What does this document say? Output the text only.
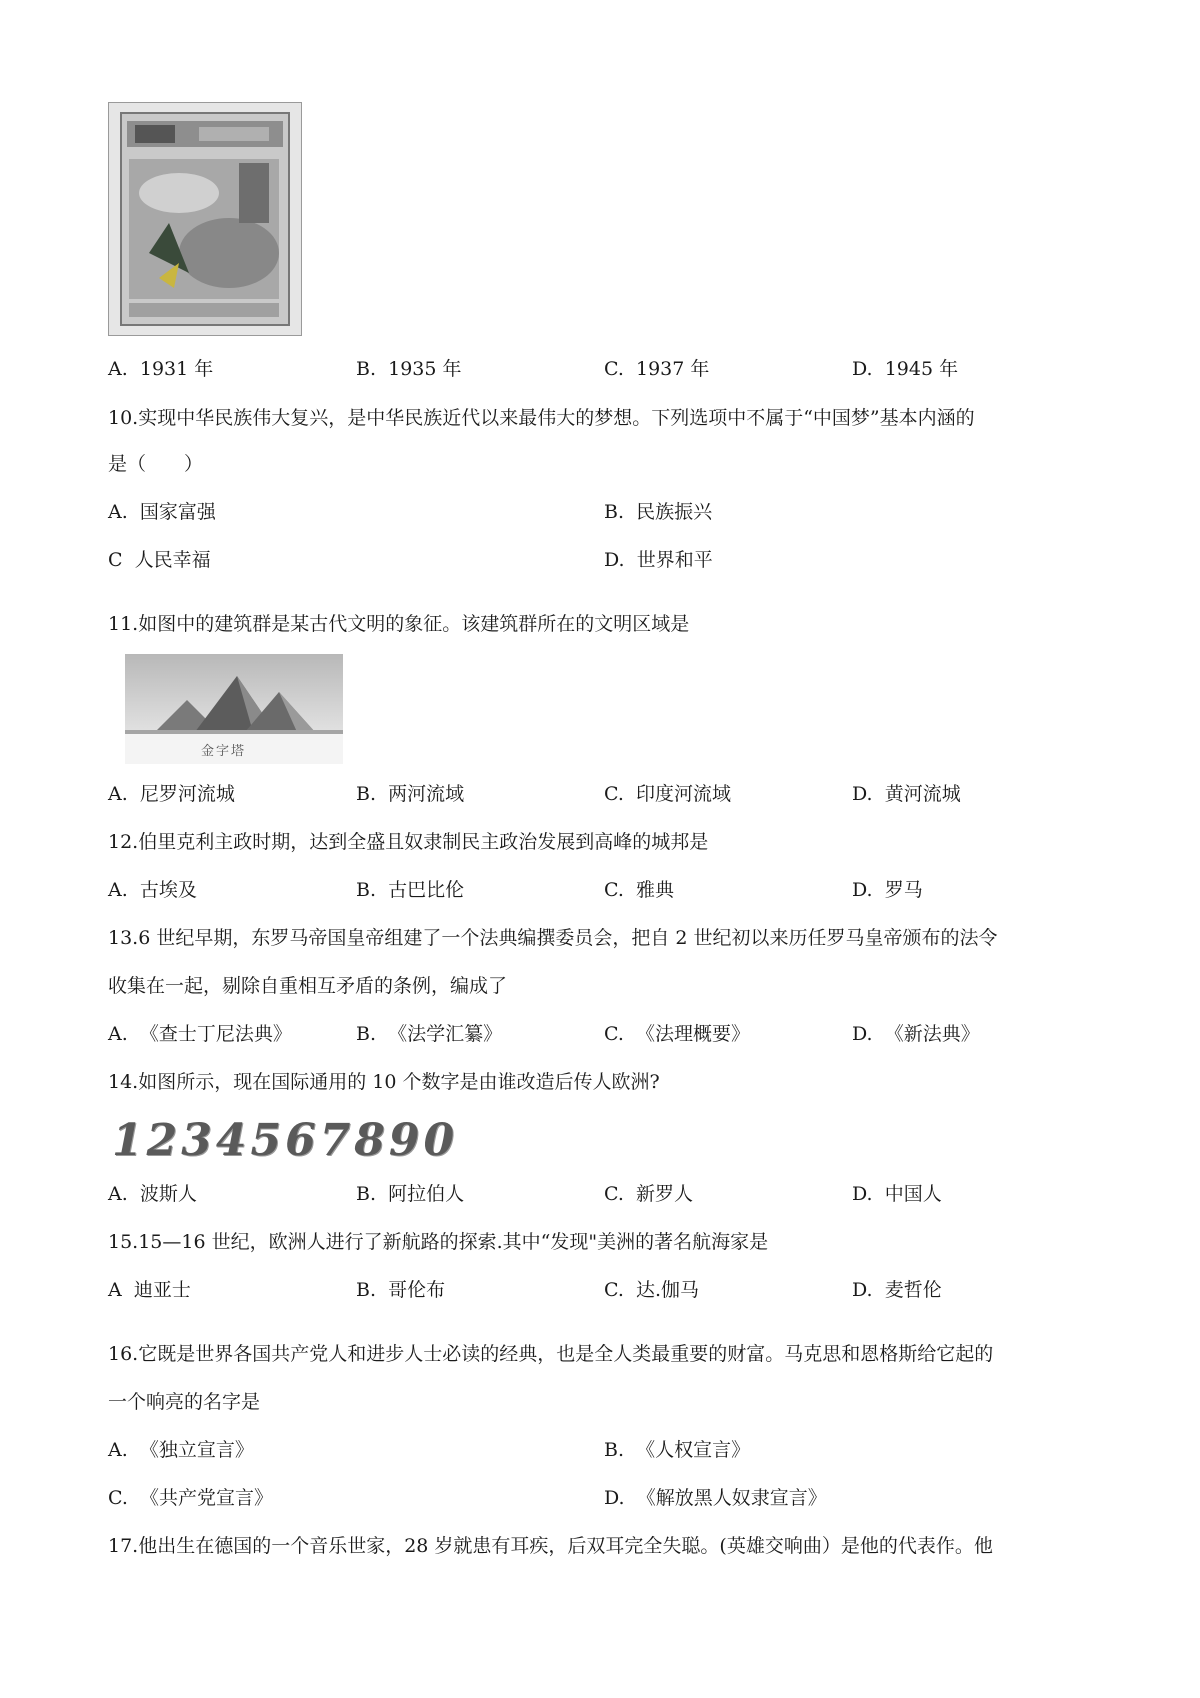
A. 1931 年	B. 1935 年	C. 1937 年	D. 1945 年
10.实现中华民族伟大复兴，是中华民族近代以来最伟大的梦想。下列选项中不属于“中国梦”基本内涵的
是（　　）
A. 国家富强	B. 民族振兴
C 人民幸福	D. 世界和平
11.如图中的建筑群是某古代文明的象征。该建筑群所在的文明区域是
金字塔
A. 尼罗河流城	B. 两河流域	C. 印度河流域	D. 黄河流城
12.伯里克利主政时期，达到全盛且奴隶制民主政治发展到高峰的城邦是
A. 古埃及	B. 古巴比伦	C. 雅典	D. 罗马
13.6 世纪早期，东罗马帝国皇帝组建了一个法典编撰委员会，把自 2 世纪初以来历任罗马皇帝颁布的法令
收集在一起，剔除自重相互矛盾的条例，编成了
A. 《查士丁尼法典》	B. 《法学汇纂》	C. 《法理概要》	D. 《新法典》
14.如图所示，现在国际通用的 10 个数字是由谁改造后传人欧洲?
1234567890
A. 波斯人	B. 阿拉伯人	C. 新罗人	D. 中国人
15.15—16 世纪，欧洲人进行了新航路的探索.其中“发现"美洲的著名航海家是
A 迪亚士	B. 哥伦布	C. 达.伽马	D. 麦哲伦
16.它既是世界各国共产党人和进步人士必读的经典，也是全人类最重要的财富。马克思和恩格斯给它起的
一个响亮的名字是
A. 《独立宣言》	B. 《人权宣言》
C. 《共产党宣言》	D. 《解放黑人奴隶宣言》
17.他出生在德国的一个音乐世家，28 岁就患有耳疾，后双耳完全失聪。(英雄交响曲）是他的代表作。他
